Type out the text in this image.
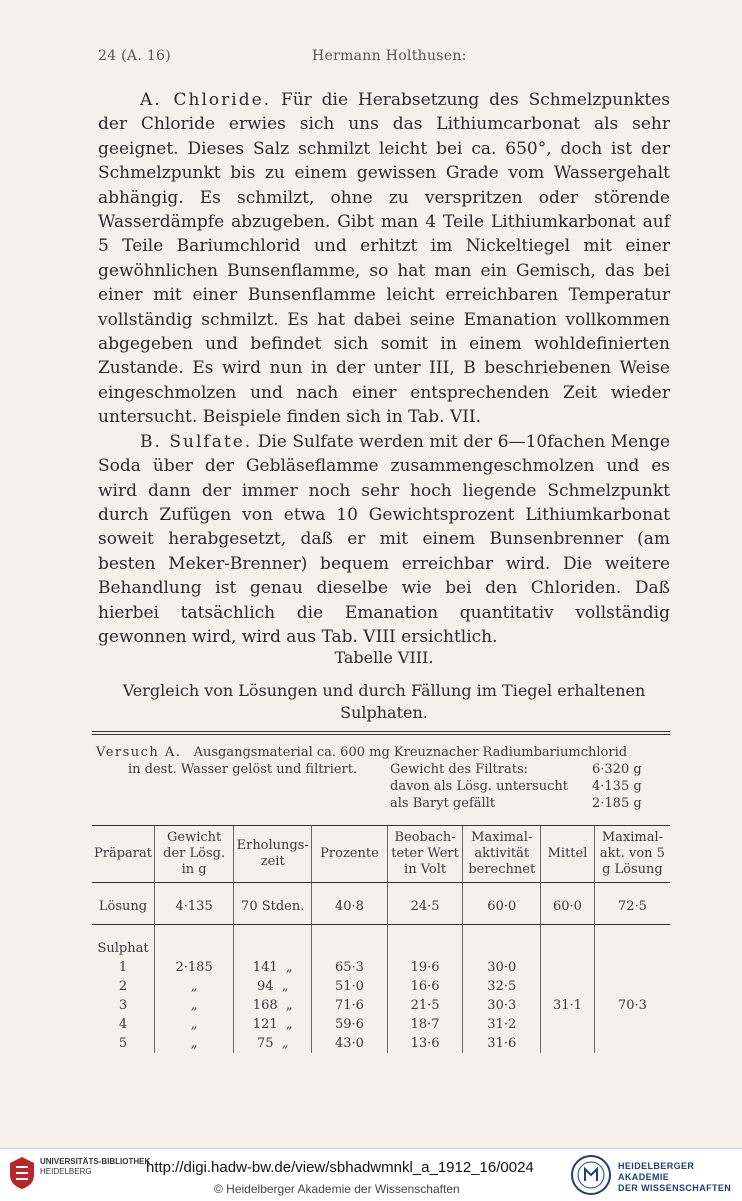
24 (A. 16)	Hermann Holthusen:

A. Chloride. Für die Herabsetzung des Schmelzpunktes der Chloride erwies sich uns das Lithiumcarbonat als sehr geeignet. Dieses Salz schmilzt leicht bei ca. 650°, doch ist der Schmelzpunkt bis zu einem gewissen Grade vom Wassergehalt abhängig. Es schmilzt, ohne zu verspritzen oder störende Wasserdämpfe abzugeben. Gibt man 4 Teile Lithiumkarbonat auf 5 Teile Bariumchlorid und erhitzt im Nickeltiegel mit einer gewöhnlichen Bunsenflamme, so hat man ein Gemisch, das bei einer mit einer Bunsenflamme leicht erreichbaren Temperatur vollständig schmilzt. Es hat dabei seine Emanation vollkommen abgegeben und befindet sich somit in einem wohldefinierten Zustande. Es wird nun in der unter III, B beschriebenen Weise eingeschmolzen und nach einer entsprechenden Zeit wieder untersucht. Beispiele finden sich in Tab. VII.

B. Sulfate. Die Sulfate werden mit der 6—10fachen Menge Soda über der Gebläseflamme zusammengeschmolzen und es wird dann der immer noch sehr hoch liegende Schmelzpunkt durch Zufügen von etwa 10 Gewichtsprozent Lithiumkarbonat soweit herabgesetzt, daß er mit einem Bunsenbrenner (am besten Meker-Brenner) bequem erreichbar wird. Die weitere Behandlung ist genau dieselbe wie bei den Chloriden. Daß hierbei tatsächlich die Emanation quantitativ vollständig gewonnen wird, wird aus Tab. VIII ersichtlich.

Tabelle VIII.
Vergleich von Lösungen und durch Fällung im Tiegel erhaltenen Sulphaten.
Versuch A. Ausgangsmaterial ca. 600 mg Kreuznacher Radiumbariumchlorid
in dest. Wasser gelöst und filtriert.	Gewicht des Filtrats:	6·320 g
davon als Lösg. untersucht 4·135 g
als Baryt gefällt	2·185 g
Präparat	Gewicht der Lösg. in g	Erholungs-zeit	Prozente	Beobach-teter Wert in Volt	Maximal-aktivität berechnet	Mittel	Maximal-akt. von 5 g Lösung

Lösung	4·135	70 Stden.	40·8	24·5	60·0	60·0	72·5

Sulphat							
1	2·185	141 „	65·3	19·6	30·0	31·1	70·3
2	„	94 „	51·0	16·6	32·5		
3	„	168 „	71·6	21·5	30·3		
4	„	121 „	59·6	18·7	31·2		
5	„	75 „	43·0	13·6	31·6		
UNIVERSITÄTS-BIBLIOTHEK
HEIDELBERG	http://digi.hadw-bw.de/view/sbhadwmnkl_a_1912_16/0024
© Heidelberger Akademie der Wissenschaften
HEIDELBERGER AKADEMIE
DER WISSENSCHAFTEN
